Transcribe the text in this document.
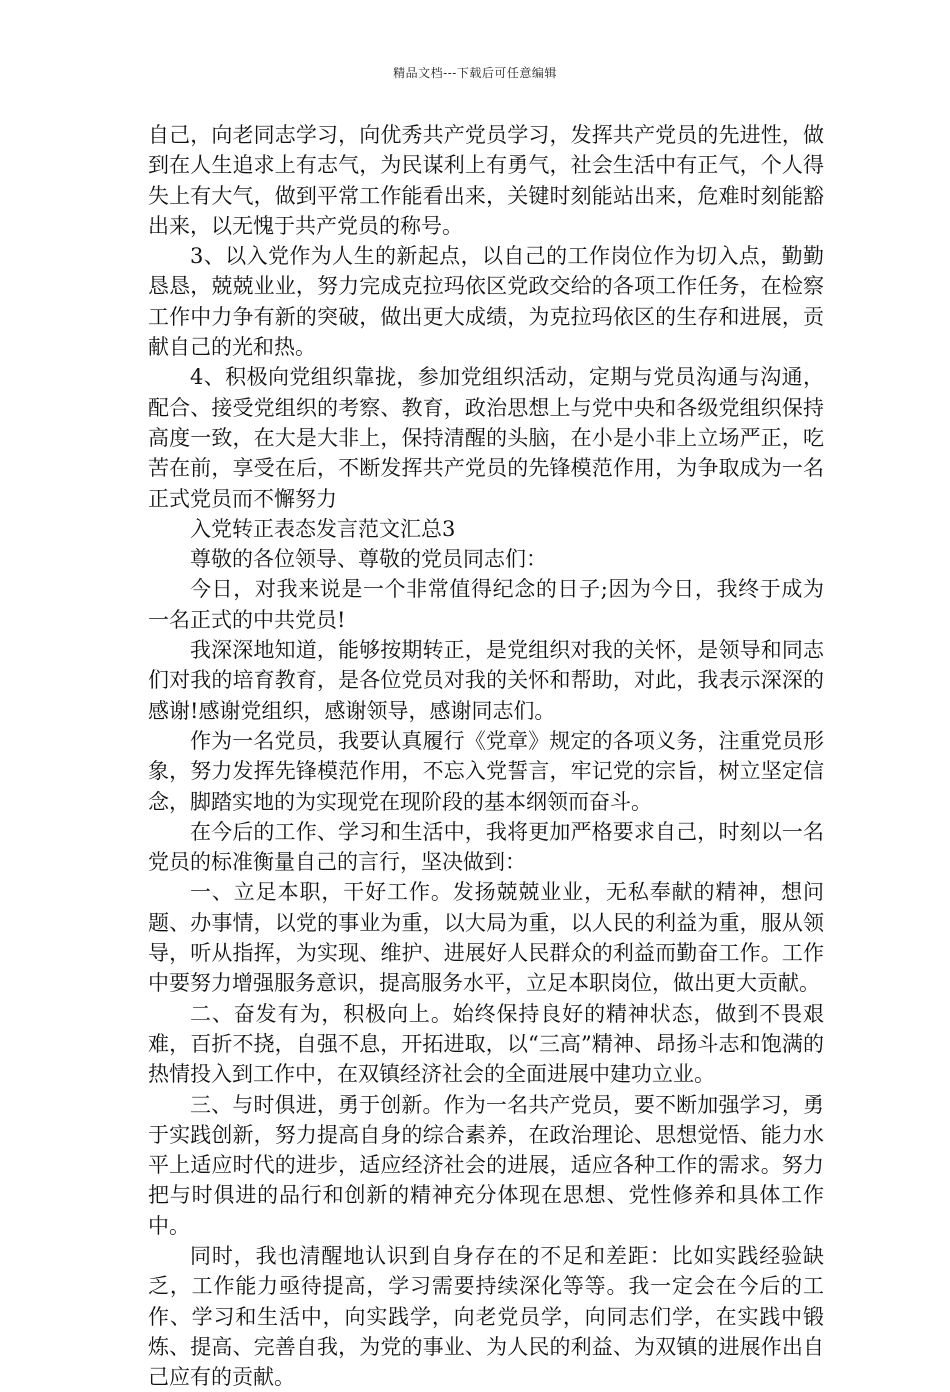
精品文档---下载后可任意编辑

自己，向老同志学习，向优秀共产党员学习，发挥共产党员的先进性，做到在人生追求上有志气，为民谋利上有勇气，社会生活中有正气，个人得失上有大气，做到平常工作能看出来，关键时刻能站出来，危难时刻能豁出来，以无愧于共产党员的称号。

3、以入党作为人生的新起点，以自己的工作岗位作为切入点，勤勤恳恳，兢兢业业，努力完成克拉玛依区党政交给的各项工作任务，在检察工作中力争有新的突破，做出更大成绩，为克拉玛依区的生存和进展，贡献自己的光和热。

4、积极向党组织靠拢，参加党组织活动，定期与党员沟通与沟通，配合、接受党组织的考察、教育，政治思想上与党中央和各级党组织保持高度一致，在大是大非上，保持清醒的头脑，在小是小非上立场严正，吃苦在前，享受在后，不断发挥共产党员的先锋模范作用，为争取成为一名正式党员而不懈努力

入党转正表态发言范文汇总3

尊敬的各位领导、尊敬的党员同志们：

今日，对我来说是一个非常值得纪念的日子;因为今日，我终于成为一名正式的中共党员!

我深深地知道，能够按期转正，是党组织对我的关怀，是领导和同志们对我的培育教育，是各位党员对我的关怀和帮助，对此，我表示深深的感谢!感谢党组织，感谢领导，感谢同志们。

作为一名党员，我要认真履行《党章》规定的各项义务，注重党员形象，努力发挥先锋模范作用，不忘入党誓言，牢记党的宗旨，树立坚定信念，脚踏实地的为实现党在现阶段的基本纲领而奋斗。

在今后的工作、学习和生活中，我将更加严格要求自己，时刻以一名党员的标准衡量自己的言行，坚决做到：

一、立足本职，干好工作。发扬兢兢业业，无私奉献的精神，想问题、办事情，以党的事业为重，以大局为重，以人民的利益为重，服从领导，听从指挥，为实现、维护、进展好人民群众的利益而勤奋工作。工作中要努力增强服务意识，提高服务水平，立足本职岗位，做出更大贡献。

二、奋发有为，积极向上。始终保持良好的精神状态，做到不畏艰难，百折不挠，自强不息，开拓进取，以“三高”精神、昂扬斗志和饱满的热情投入到工作中，在双镇经济社会的全面进展中建功立业。

三、与时俱进，勇于创新。作为一名共产党员，要不断加强学习，勇于实践创新，努力提高自身的综合素养，在政治理论、思想觉悟、能力水平上适应时代的进步，适应经济社会的进展，适应各种工作的需求。努力把与时俱进的品行和创新的精神充分体现在思想、党性修养和具体工作中。

同时，我也清醒地认识到自身存在的不足和差距：比如实践经验缺乏，工作能力亟待提高，学习需要持续深化等等。我一定会在今后的工作、学习和生活中，向实践学，向老党员学，向同志们学，在实践中锻炼、提高、完善自我，为党的事业、为人民的利益、为双镇的进展作出自己应有的贡献。
